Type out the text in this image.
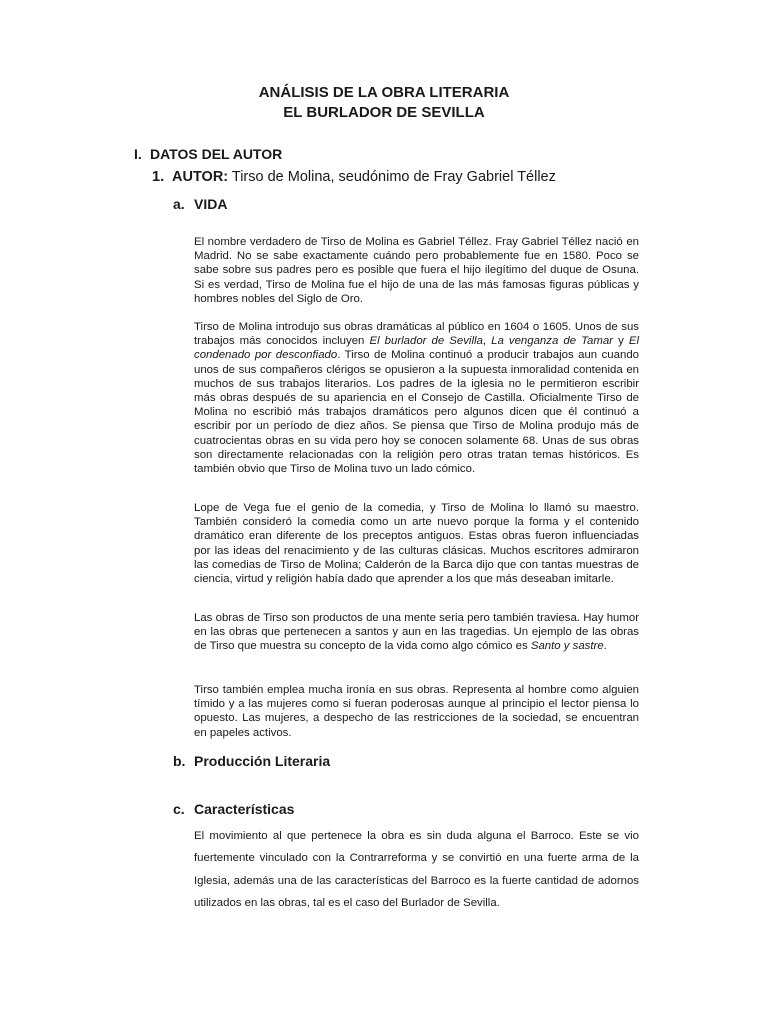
ANÁLISIS DE LA OBRA LITERARIA
EL BURLADOR DE SEVILLA
I. DATOS DEL AUTOR
1. AUTOR: Tirso de Molina, seudónimo de Fray Gabriel Téllez
a. VIDA

El nombre verdadero de Tirso de Molina es Gabriel Téllez. Fray Gabriel Téllez nació en Madrid. No se sabe exactamente cuándo pero probablemente fue en 1580. Poco se sabe sobre sus padres pero es posible que fuera el hijo ilegítimo del duque de Osuna. Si es verdad, Tirso de Molina fue el hijo de una de las más famosas figuras públicas y hombres nobles del Siglo de Oro.

Tirso de Molina introdujo sus obras dramáticas al público en 1604 o 1605. Unos de sus trabajos más conocidos incluyen El burlador de Sevilla, La venganza de Tamar y El condenado por desconfiado. Tirso de Molina continuó a producir trabajos aun cuando unos de sus compañeros clérigos se opusieron a la supuesta inmoralidad contenida en muchos de sus trabajos literarios. Los padres de la iglesia no le permitieron escribir más obras después de su apariencia en el Consejo de Castilla. Oficialmente Tirso de Molina no escribió más trabajos dramáticos pero algunos dicen que él continuó a escribir por un período de diez años. Se piensa que Tirso de Molina produjo más de cuatrocientas obras en su vida pero hoy se conocen solamente 68. Unas de sus obras son directamente relacionadas con la religión pero otras tratan temas históricos. Es también obvio que Tirso de Molina tuvo un lado cómico.

Lope de Vega fue el genio de la comedia, y Tirso de Molina lo llamó su maestro. También consideró la comedia como un arte nuevo porque la forma y el contenido dramático eran diferente de los preceptos antiguos. Estas obras fueron influenciadas por las ideas del renacimiento y de las culturas clásicas. Muchos escritores admiraron las comedias de Tirso de Molina; Calderón de la Barca dijo que con tantas muestras de ciencia, virtud y religión había dado que aprender a los que más deseaban imitarle.

Las obras de Tirso son productos de una mente seria pero también traviesa. Hay humor en las obras que pertenecen a santos y aun en las tragedias. Un ejemplo de las obras de Tirso que muestra su concepto de la vida como algo cómico es Santo y sastre.

Tirso también emplea mucha ironía en sus obras. Representa al hombre como alguien tímido y a las mujeres como si fueran poderosas aunque al principio el lector piensa lo opuesto. Las mujeres, a despecho de las restricciones de la sociedad, se encuentran en papeles activos.

b. Producción Literaria
c. Características

El movimiento al que pertenece la obra es sin duda alguna el Barroco. Este se vio fuertemente vinculado con la Contrarreforma y se convirtió en una fuerte arma de la Iglesia, además una de las características del Barroco es la fuerte cantidad de adornos utilizados en las obras, tal es el caso del Burlador de Sevilla.
